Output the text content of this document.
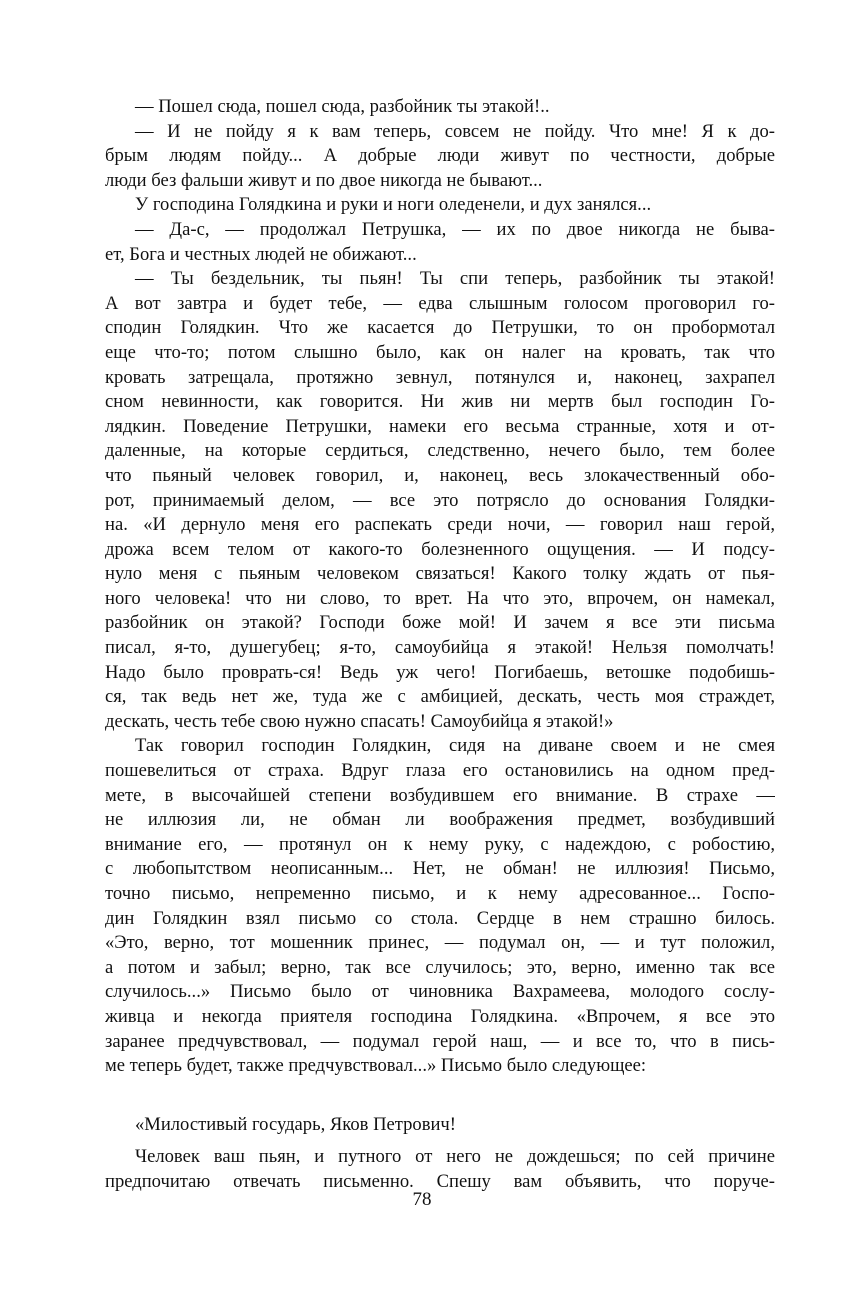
— Пошел сюда, пошел сюда, разбойник ты этакой!..
— И не пойду я к вам теперь, совсем не пойду. Что мне! Я к до-
брым людям пойду... А добрые люди живут по честности, добрые
люди без фальши живут и по двое никогда не бывают...
У господина Голядкина и руки и ноги оледенели, и дух занялся...
— Да-с, — продолжал Петрушка, — их по двое никогда не быва-
ет, Бога и честных людей не обижают...
— Ты бездельник, ты пьян! Ты спи теперь, разбойник ты этакой!
А вот завтра и будет тебе, — едва слышным голосом проговорил го-
сподин Голядкин. Что же касается до Петрушки, то он пробормотал
еще что-то; потом слышно было, как он налег на кровать, так что
кровать затрещала, протяжно зевнул, потянулся и, наконец, захрапел
сном невинности, как говорится. Ни жив ни мертв был господин Го-
лядкин. Поведение Петрушки, намеки его весьма странные, хотя и от-
даленные, на которые сердиться, следственно, нечего было, тем более
что пьяный человек говорил, и, наконец, весь злокачественный обо-
рот, принимаемый делом, — все это потрясло до основания Голядки-
на. «И дернуло меня его распекать среди ночи, — говорил наш герой,
дрожа всем телом от какого-то болезненного ощущения. — И подсу-
нуло меня с пьяным человеком связаться! Какого толку ждать от пья-
ного человека! что ни слово, то врет. На что это, впрочем, он намекал,
разбойник он этакой? Господи боже мой! И зачем я все эти письма
писал, я-то, душегубец; я-то, самоубийца я этакой! Нельзя помолчать!
Надо было проврать-ся! Ведь уж чего! Погибаешь, ветошке подобишь-
ся, так ведь нет же, туда же с амбицией, дескать, честь моя страждет,
дескать, честь тебе свою нужно спасать! Самоубийца я этакой!»
Так говорил господин Голядкин, сидя на диване своем и не смея
пошевелиться от страха. Вдруг глаза его остановились на одном пред-
мете, в высочайшей степени возбудившем его внимание. В страхе —
не иллюзия ли, не обман ли воображения предмет, возбудивший
внимание его, — протянул он к нему руку, с надеждою, с робостию,
с любопытством неописанным... Нет, не обман! не иллюзия! Письмо,
точно письмо, непременно письмо, и к нему адресованное... Госпо-
дин Голядкин взял письмо со стола. Сердце в нем страшно билось.
«Это, верно, тот мошенник принес, — подумал он, — и тут положил,
а потом и забыл; верно, так все случилось; это, верно, именно так все
случилось...» Письмо было от чиновника Вахрамеева, молодого сослу-
живца и некогда приятеля господина Голядкина. «Впрочем, я все это
заранее предчувствовал, — подумал герой наш, — и все то, что в пись-
ме теперь будет, также предчувствовал...» Письмо было следующее:
«Милостивый государь, Яков Петрович!
Человек ваш пьян, и путного от него не дождешься; по сей причине
предпочитаю отвечать письменно. Спешу вам объявить, что поруче-
78
